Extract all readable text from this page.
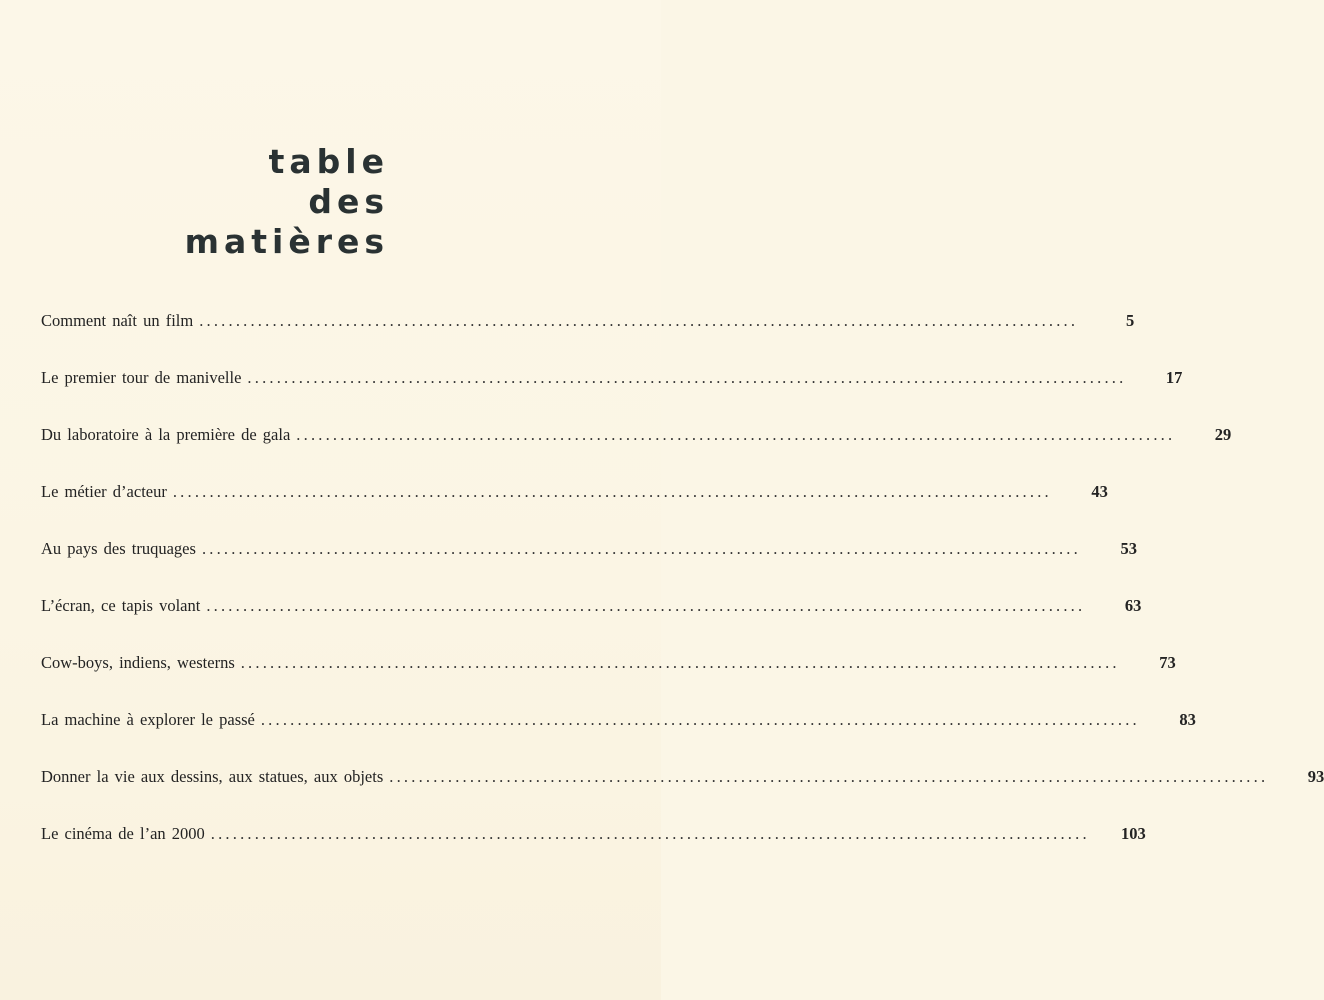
table
des
matières
Comment naît un film ........................................................................................................................	5
Le premier tour de manivelle ........................................................................................................................	17
Du laboratoire à la première de gala ........................................................................................................................	29
Le métier d’acteur ........................................................................................................................	43
Au pays des truquages ........................................................................................................................	53
L’écran, ce tapis volant ........................................................................................................................	63
Cow-boys, indiens, westerns ........................................................................................................................	73
La machine à explorer le passé ........................................................................................................................	83
Donner la vie aux dessins, aux statues, aux objets ........................................................................................................................	93
Le cinéma de l’an 2000 ........................................................................................................................	103
